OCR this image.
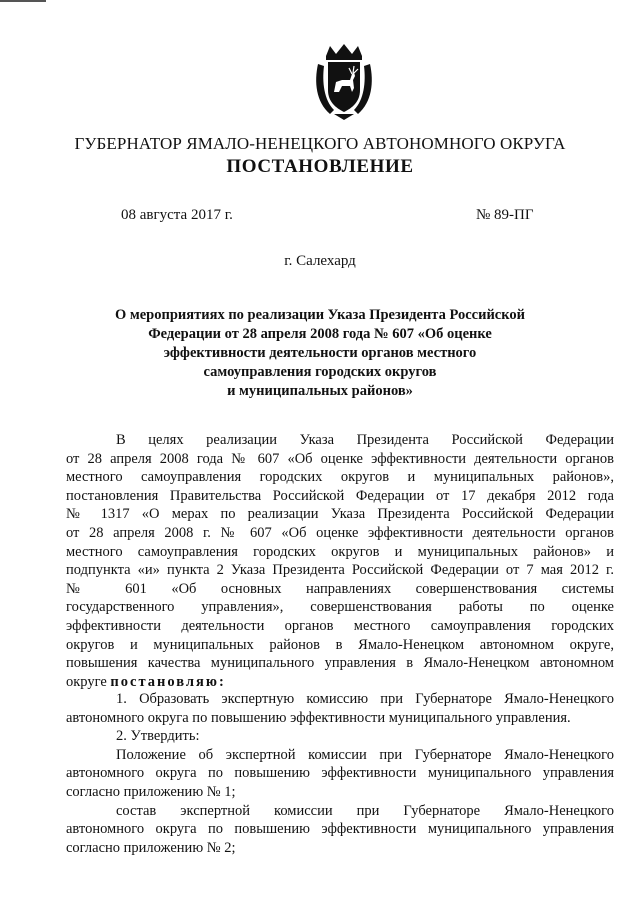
ГУБЕРНАТОР ЯМАЛО-НЕНЕЦКОГО АВТОНОМНОГО ОКРУГА
ПОСТАНОВЛЕНИЕ
08 августа 2017 г.	№ 89-ПГ
г. Салехард
О мероприятиях по реализации Указа Президента Российской
Федерации от 28 апреля 2008 года № 607 «Об оценке
эффективности деятельности органов местного
самоуправления городских округов
и муниципальных районов»
В целях реализации Указа Президента Российской Федерации
от 28 апреля 2008 года № 607 «Об оценке эффективности деятельности органов
местного самоуправления городских округов и муниципальных районов»,
постановления Правительства Российской Федерации от 17 декабря 2012 года
№ 1317 «О мерах по реализации Указа Президента Российской Федерации
от 28 апреля 2008 г. № 607 «Об оценке эффективности деятельности органов
местного самоуправления городских округов и муниципальных районов» и
подпункта «и» пункта 2 Указа Президента Российской Федерации от 7 мая 2012 г.
№ 601 «Об основных направлениях совершенствования системы
государственного управления», совершенствования работы по оценке
эффективности деятельности органов местного самоуправления городских
округов и муниципальных районов в Ямало-Ненецком автономном округе,
повышения качества муниципального управления в Ямало-Ненецком автономном
округе постановляю:
1. Образовать экспертную комиссию при Губернаторе Ямало-Ненецкого
автономного округа по повышению эффективности муниципального управления.
2. Утвердить:
Положение об экспертной комиссии при Губернаторе Ямало-Ненецкого
автономного округа по повышению эффективности муниципального управления
согласно приложению № 1;
состав экспертной комиссии при Губернаторе Ямало-Ненецкого
автономного округа по повышению эффективности муниципального управления
согласно приложению № 2;
